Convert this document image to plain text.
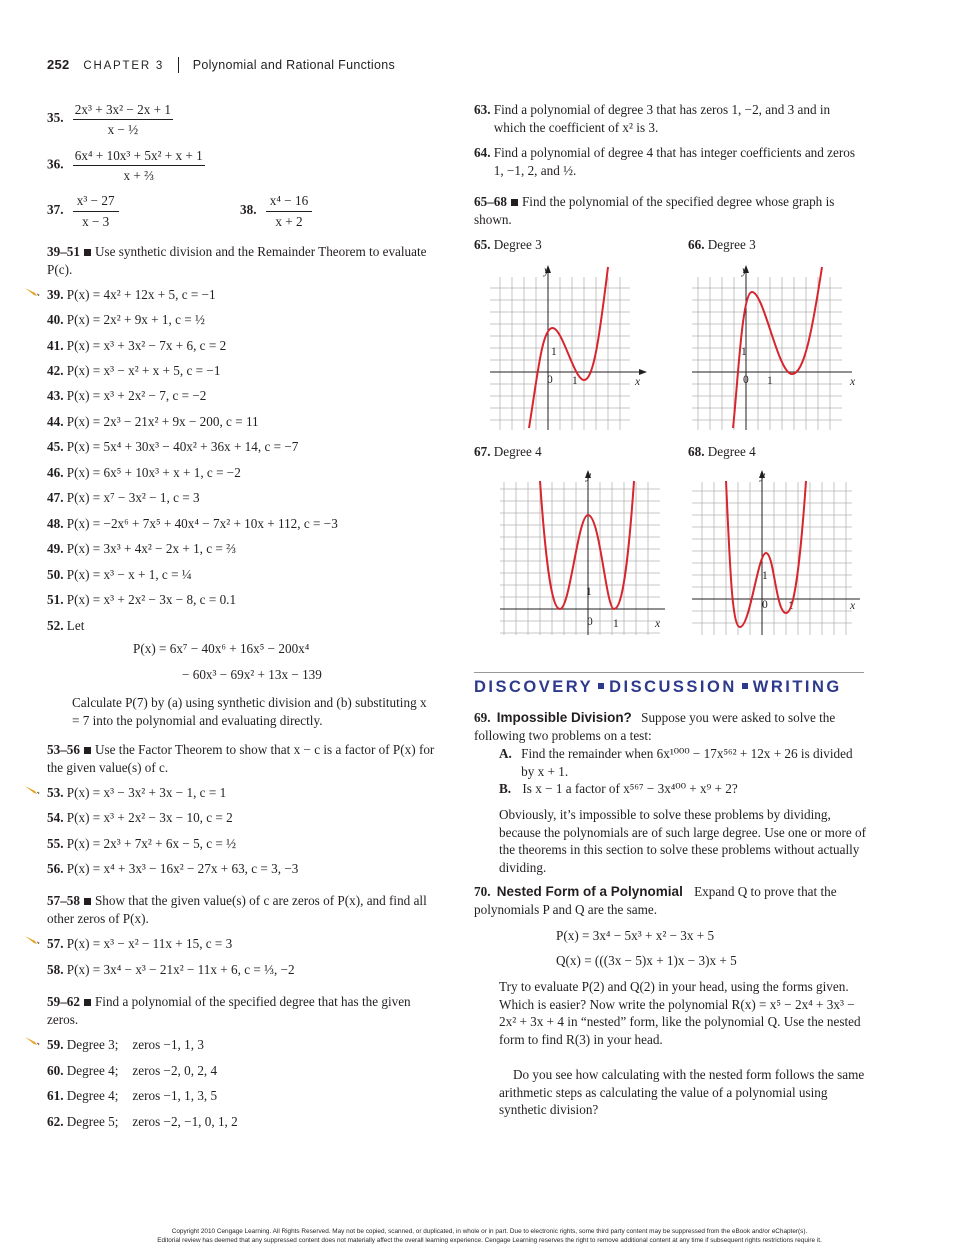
252 CHAPTER 3 Polynomial and Rational Functions
35. $\frac{\text{2x³ + 3x² − 2x + 1}}{\text{x − ½}}$
36. $\frac{\text{6x⁴ + 10x³ + 5x² + x + 1}}{\text{x + ⅔}}$
37. $\frac{\text{x³ − 27}}{x - 3}$	38. $\frac{\text{x⁴ − 16}}{x + 2}$
39–51 Use synthetic division and the Remainder Theorem to evaluate P(c).
39. P(x) = 4x² + 12x + 5, c = −1
40. P(x) = 2x² + 9x + 1, c = ½
41. P(x) = x³ + 3x² − 7x + 6, c = 2
42. P(x) = x³ − x² + x + 5, c = −1
43. P(x) = x³ + 2x² − 7, c = −2
44. P(x) = 2x³ − 21x² + 9x − 200, c = 11
45. P(x) = 5x⁴ + 30x³ − 40x² + 36x + 14, c = −7
46. P(x) = 6x⁵ + 10x³ + x + 1, c = −2
47. P(x) = x⁷ − 3x² − 1, c = 3
48. P(x) = −2x⁶ + 7x⁵ + 40x⁴ − 7x² + 10x + 112, c = −3
49. P(x) = 3x³ + 4x² − 2x + 1, c = ⅔
50. P(x) = x³ − x + 1, c = ¼
51. P(x) = x³ + 2x² − 3x − 8, c = 0.1
52. Let
P(x) = 6x⁷ − 40x⁶ + 16x⁵ − 200x⁴
− 60x³ − 69x² + 13x − 139
Calculate P(7) by (a) using synthetic division and (b) substituting x = 7 into the polynomial and evaluating directly.
53–56 Use the Factor Theorem to show that x − c is a factor of P(x) for the given value(s) of c.
53. P(x) = x³ − 3x² + 3x − 1, c = 1
54. P(x) = x³ + 2x² − 3x − 10, c = 2
55. P(x) = 2x³ + 7x² + 6x − 5, c = ½
56. P(x) = x⁴ + 3x³ − 16x² − 27x + 63, c = 3, −3
57–58 Show that the given value(s) of c are zeros of P(x), and find all other zeros of P(x).
57. P(x) = x³ − x² − 11x + 15, c = 3
58. P(x) = 3x⁴ − x³ − 21x² − 11x + 6, c = ⅓, −2
59–62 Find a polynomial of the specified degree that has the given zeros.
59. Degree 3; zeros −1, 1, 3
60. Degree 4; zeros −2, 0, 2, 4
61. Degree 4; zeros −1, 1, 3, 5
62. Degree 5; zeros −2, −1, 0, 1, 2
63. Find a polynomial of degree 3 that has zeros 1, −2, and 3 and in which the coefficient of x² is 3.
64. Find a polynomial of degree 4 that has integer coefficients and zeros 1, −1, 2, and ½.
65–68 Find the polynomial of the specified degree whose graph is shown.
65. Degree 3	66. Degree 3
67. Degree 4	68. Degree 4
y
x
0 1
1
y
x
0 1
1
y
x
0 1
1
y
x
0 1
1
DISCOVERY DISCUSSION WRITING
69. Impossible Division? Suppose you were asked to solve the following two problems on a test:
A. Find the remainder when 6x¹⁰⁰⁰ − 17x⁵⁶² + 12x + 26 is divided by x + 1.
B. Is x − 1 a factor of x⁵⁶⁷ − 3x⁴⁰⁰ + x⁹ + 2?
Obviously, it’s impossible to solve these problems by dividing, because the polynomials are of such large degree. Use one or more of the theorems in this section to solve these problems without actually dividing.
70. Nested Form of a Polynomial Expand Q to prove that the polynomials P and Q are the same.
P(x) = 3x⁴ − 5x³ + x² − 3x + 5
Q(x) = (((3x − 5)x + 1)x − 3)x + 5
Try to evaluate P(2) and Q(2) in your head, using the forms given. Which is easier? Now write the polynomial R(x) = x⁵ − 2x⁴ + 3x³ − 2x² + 3x + 4 in “nested” form, like the polynomial Q. Use the nested form to find R(3) in your head.
Do you see how calculating with the nested form follows the same arithmetic steps as calculating the value of a polynomial using synthetic division?
Copyright 2010 Cengage Learning. All Rights Reserved. May not be copied, scanned, or duplicated, in whole or in part. Due to electronic rights, some third party content may be suppressed from the eBook and/or eChapter(s).
Editorial review has deemed that any suppressed content does not materially affect the overall learning experience. Cengage Learning reserves the right to remove additional content at any time if subsequent rights restrictions require it.
